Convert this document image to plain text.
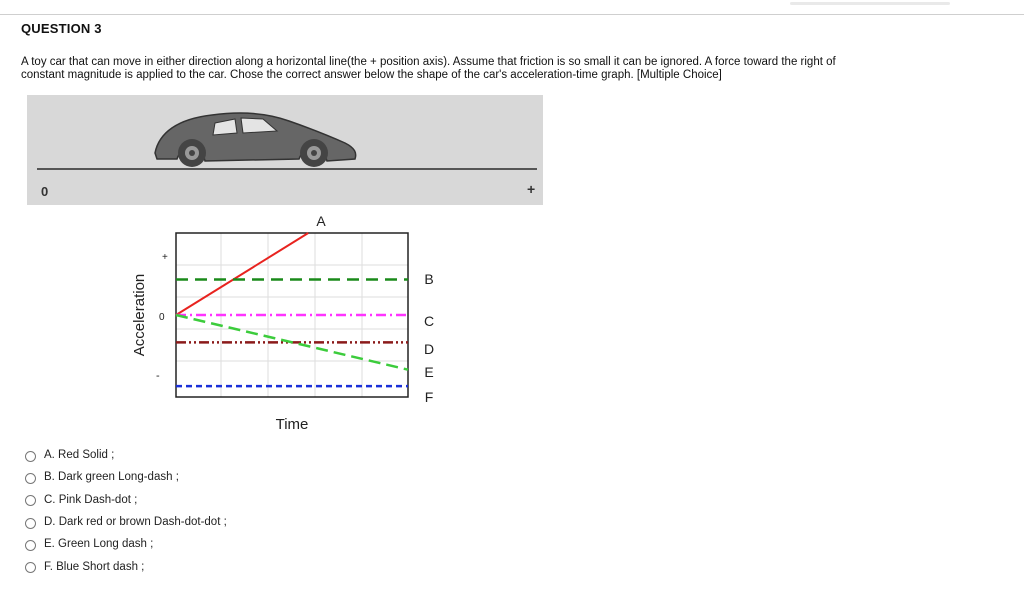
QUESTION 3
A toy car that can move in either direction along a horizontal line(the + position axis). Assume that friction is so small it can be ignored. A force toward the right of
constant magnitude is applied to the car. Chose the correct answer below the shape of the car's acceleration-time graph. [Multiple Choice]
0	+
Acceleration
Time
+
0
-
A
B
C
D
E
F
A. Red Solid ;
B. Dark green Long-dash ;
C. Pink Dash-dot ;
D. Dark red or brown Dash-dot-dot ;
E. Green Long dash ;
F. Blue Short dash ;
